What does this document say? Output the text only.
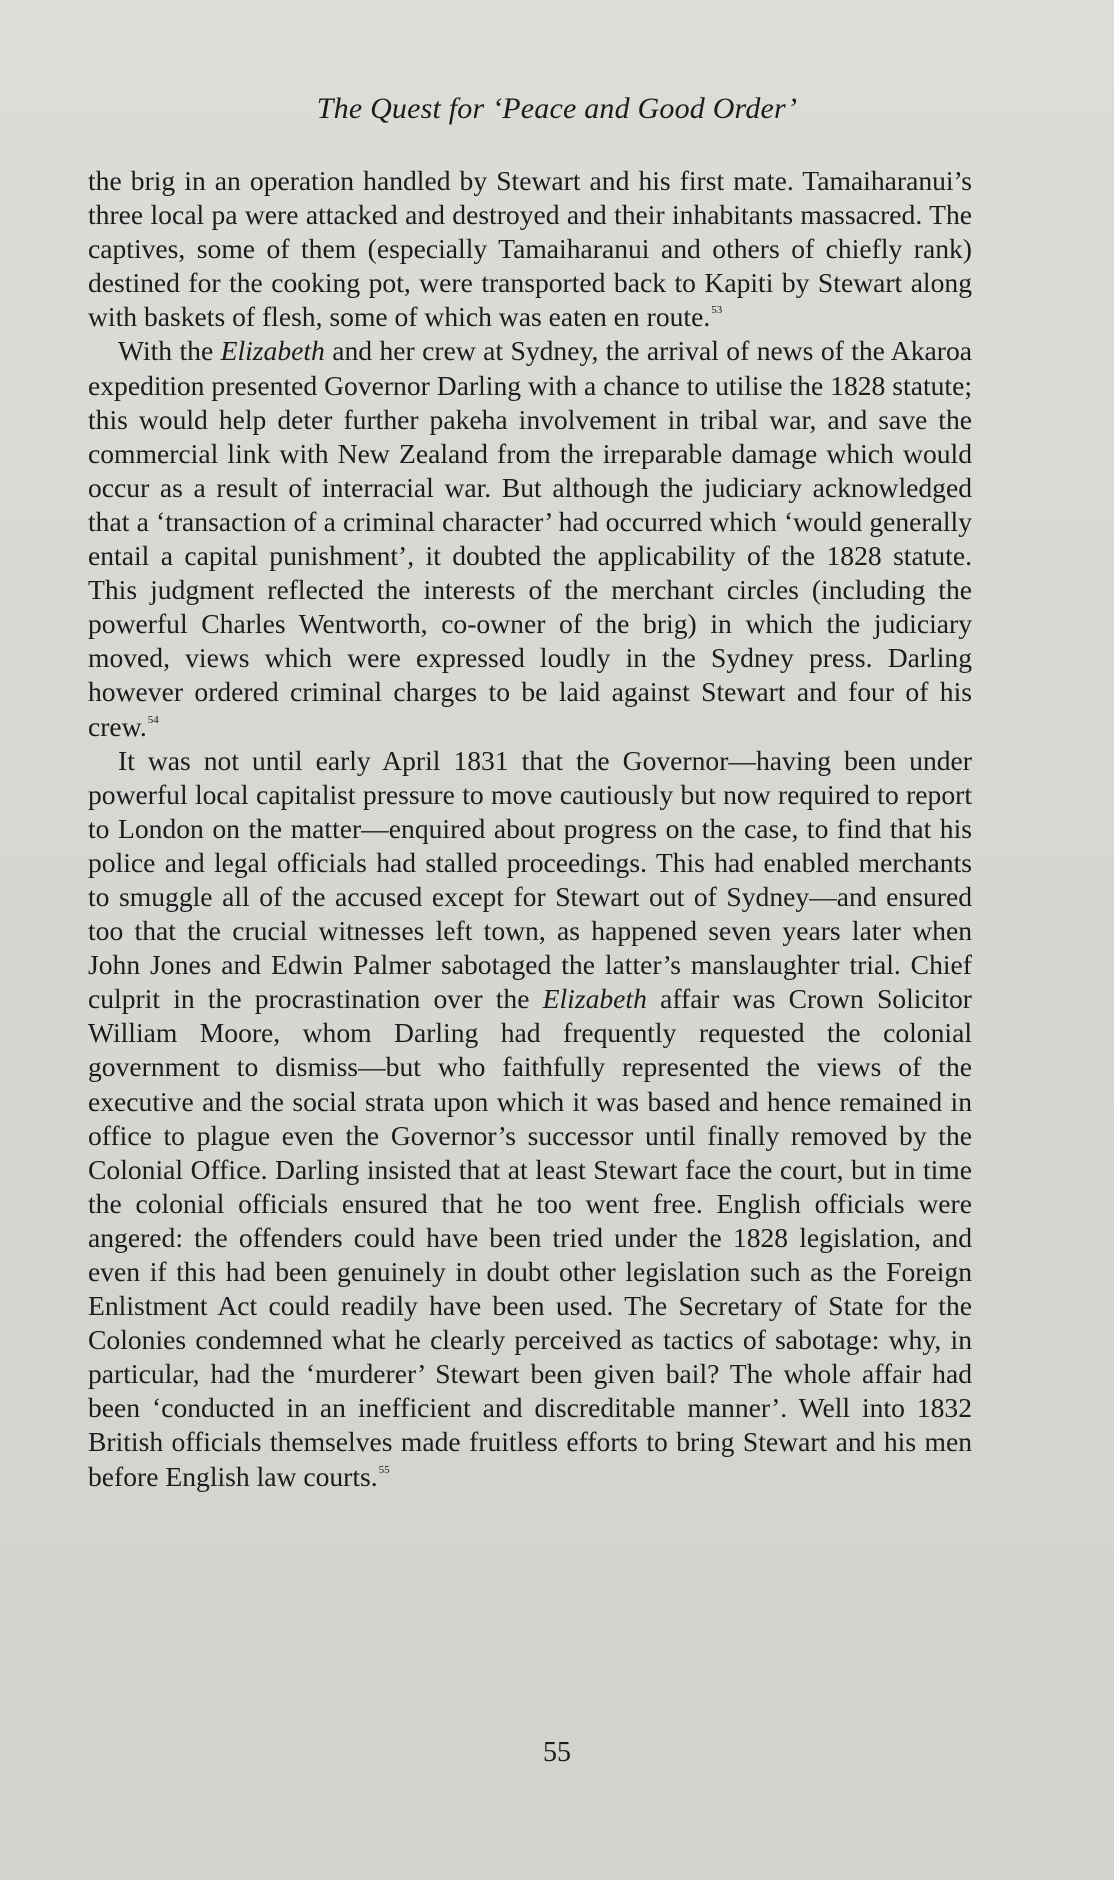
The Quest for ‘Peace and Good Order’

the brig in an operation handled by Stewart and his first mate. Tamaiharanui’s three local pa were attacked and destroyed and their inhabitants massacred. The captives, some of them (especially Tamaiharanui and others of chiefly rank) destined for the cooking pot, were transported back to Kapiti by Stewart along with baskets of flesh, some of which was eaten en route.$^{53}$

With the Elizabeth and her crew at Sydney, the arrival of news of the Akaroa expedition presented Governor Darling with a chance to utilise the 1828 statute; this would help deter further pakeha involvement in tribal war, and save the commercial link with New Zealand from the irreparable damage which would occur as a result of interracial war. But although the judiciary acknowledged that a ‘transaction of a criminal character’ had occurred which ‘would generally entail a capital punishment’, it doubted the applicability of the 1828 statute. This judgment reflected the interests of the merchant circles (including the powerful Charles Wentworth, co-owner of the brig) in which the judiciary moved, views which were expressed loudly in the Sydney press. Darling however ordered criminal charges to be laid against Stewart and four of his crew.$^{54}$

It was not until early April 1831 that the Governor—having been under powerful local capitalist pressure to move cautiously but now required to report to London on the matter—enquired about progress on the case, to find that his police and legal officials had stalled proceedings. This had enabled merchants to smuggle all of the accused except for Stewart out of Sydney—and ensured too that the crucial witnesses left town, as happened seven years later when John Jones and Edwin Palmer sabotaged the latter’s manslaughter trial. Chief culprit in the procrastination over the Elizabeth affair was Crown Solicitor William Moore, whom Darling had frequently requested the colonial government to dismiss—but who faithfully represented the views of the executive and the social strata upon which it was based and hence remained in office to plague even the Governor’s successor until finally removed by the Colonial Office. Darling insisted that at least Stewart face the court, but in time the colonial officials ensured that he too went free. English officials were angered: the offenders could have been tried under the 1828 legislation, and even if this had been genuinely in doubt other legislation such as the Foreign Enlistment Act could readily have been used. The Secretary of State for the Colonies condemned what he clearly perceived as tactics of sabotage: why, in particular, had the ‘murderer’ Stewart been given bail? The whole affair had been ‘conducted in an inefficient and discreditable manner’. Well into 1832 British officials themselves made fruitless efforts to bring Stewart and his men before English law courts.$^{55}$

55
